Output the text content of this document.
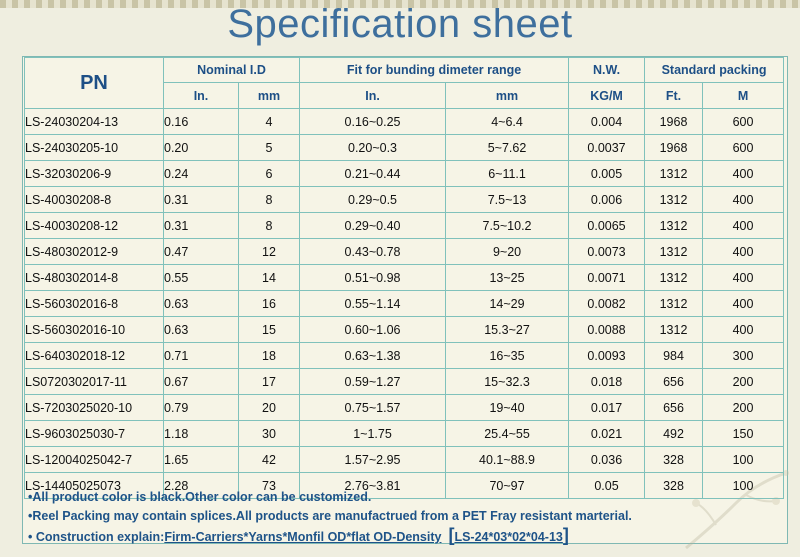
Specification sheet
PN	Nominal I.D		Fit for bunding dimeter range		N.W.	Standard packing	
	In.	mm	In.	mm	KG/M	Ft.	M
LS-24030204-13	0.16	4	0.16~0.25	4~6.4	0.004	1968	600
LS-24030205-10	0.20	5	0.20~0.3	5~7.62	0.0037	1968	600
LS-32030206-9	0.24	6	0.21~0.44	6~11.1	0.005	1312	400
LS-40030208-8	0.31	8	0.29~0.5	7.5~13	0.006	1312	400
LS-40030208-12	0.31	8	0.29~0.40	7.5~10.2	0.0065	1312	400
LS-480302012-9	0.47	12	0.43~0.78	9~20	0.0073	1312	400
LS-480302014-8	0.55	14	0.51~0.98	13~25	0.0071	1312	400
LS-560302016-8	0.63	16	0.55~1.14	14~29	0.0082	1312	400
LS-560302016-10	0.63	15	0.60~1.06	15.3~27	0.0088	1312	400
LS-640302018-12	0.71	18	0.63~1.38	16~35	0.0093	984	300
LS0720302017-11	0.67	17	0.59~1.27	15~32.3	0.018	656	200
LS-7203025020-10	0.79	20	0.75~1.57	19~40	0.017	656	200
LS-9603025030-7	1.18	30	1~1.75	25.4~55	0.021	492	150
LS-12004025042-7	1.65	42	1.57~2.95	40.1~88.9	0.036	328	100
LS-14405025073	2.28	73	2.76~3.81	70~97	0.05	328	100
•All product color is black.Other color can be customized.
•Reel Packing may contain splices.All products are manufactrued from a PET Fray resistant marterial.
• Construction explain:Firm-Carriers*Yarns*Monfil OD*flat OD-Density [LS-24*03*02*04-13]
